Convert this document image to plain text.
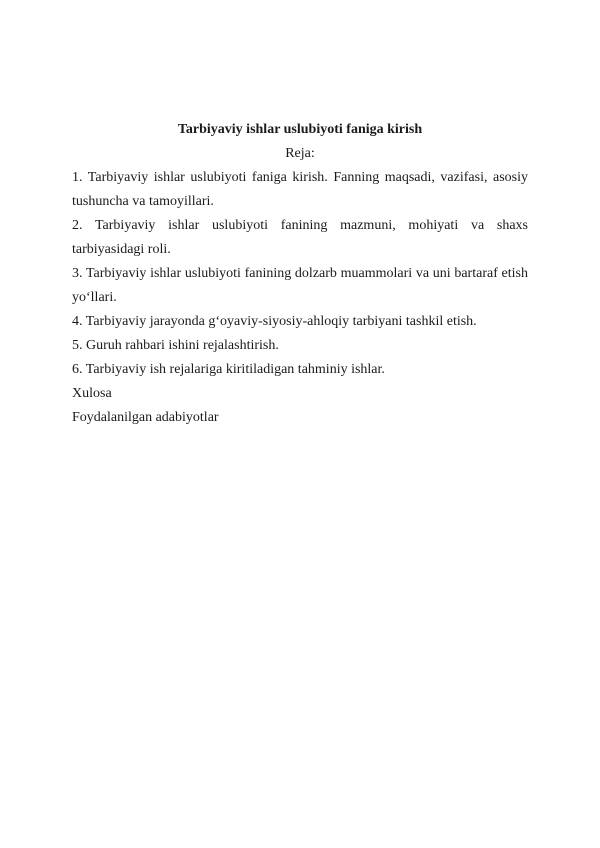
Tarbiyaviy ishlar uslubiyoti faniga kirish

Reja:

1. Tarbiyaviy ishlar uslubiyoti faniga kirish. Fanning maqsadi, vazifasi, asosiy tushuncha va tamoyillari.

2. Tarbiyaviy ishlar uslubiyoti fanining mazmuni, mohiyati va shaxs tarbiyasidagi roli.

3. Tarbiyaviy ishlar uslubiyoti fanining dolzarb muammolari va uni bartaraf etish yo‘llari.

4. Tarbiyaviy jarayonda g‘oyaviy-siyosiy-ahloqiy tarbiyani tashkil etish.

5. Guruh rahbari ishini rejalashtirish.

6. Tarbiyaviy ish rejalariga kiritiladigan tahminiy ishlar.

Xulosa

Foydalanilgan adabiyotlar
